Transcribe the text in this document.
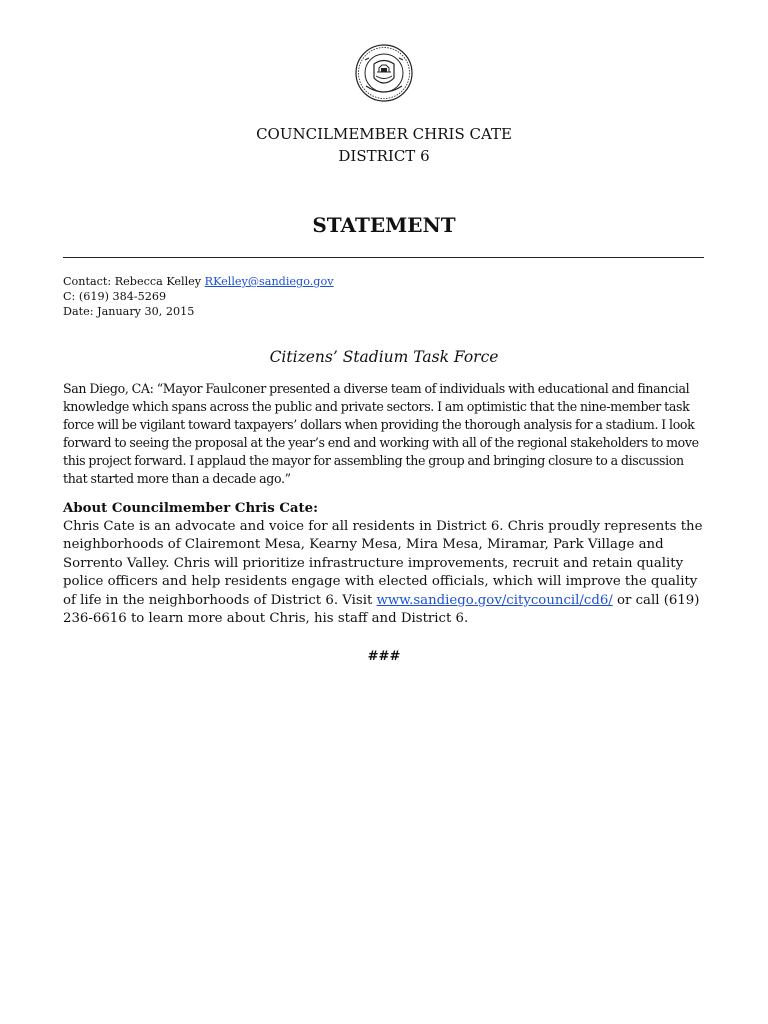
COUNCILMEMBER CHRIS CATE
DISTRICT 6
STATEMENT
Contact: Rebecca Kelley RKelley@sandiego.gov
C: (619) 384-5269
Date: January 30, 2015
Citizens’ Stadium Task Force
San Diego, CA: “Mayor Faulconer presented a diverse team of individuals with educational and financial knowledge which spans across the public and private sectors. I am optimistic that the nine-member task force will be vigilant toward taxpayers’ dollars when providing the thorough analysis for a stadium. I look forward to seeing the proposal at the year’s end and working with all of the regional stakeholders to move this project forward. I applaud the mayor for assembling the group and bringing closure to a discussion that started more than a decade ago.”
About Councilmember Chris Cate:
Chris Cate is an advocate and voice for all residents in District 6. Chris proudly represents the neighborhoods of Clairemont Mesa, Kearny Mesa, Mira Mesa, Miramar, Park Village and Sorrento Valley. Chris will prioritize infrastructure improvements, recruit and retain quality police officers and help residents engage with elected officials, which will improve the quality of life in the neighborhoods of District 6. Visit www.sandiego.gov/citycouncil/cd6/ or call (619) 236-6616 to learn more about Chris, his staff and District 6.
###
